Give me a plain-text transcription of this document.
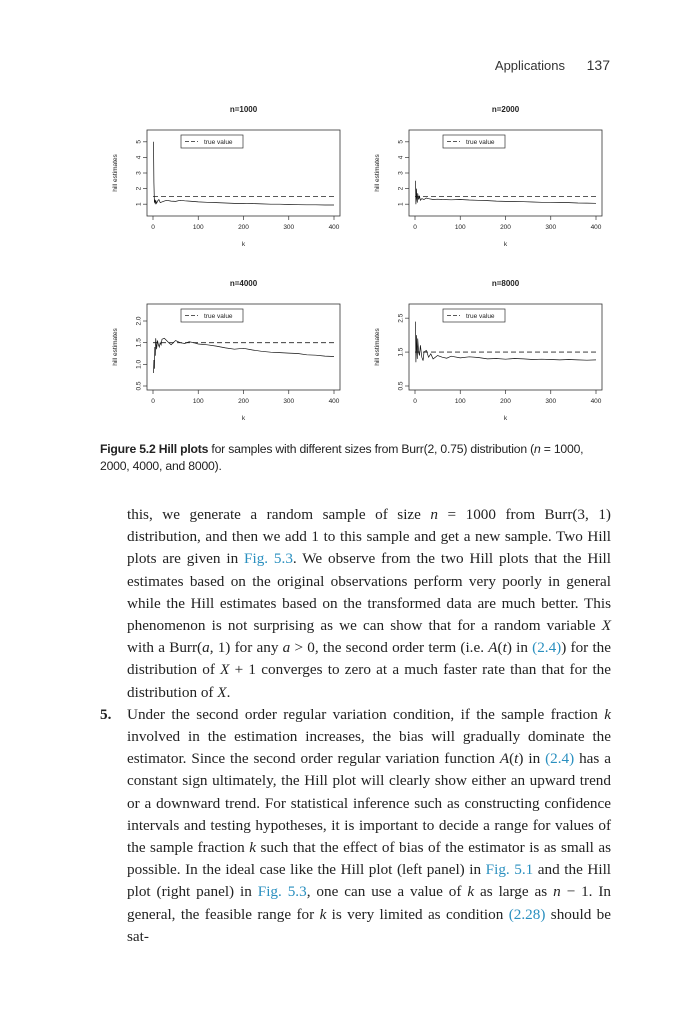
Applications 137
n=1000
0	100	200	300	400
1
2
3
4
5
k
hill estimates
true value
n=2000
0	100	200	300	400
1
2
3
4
5
k
hill estimates
true value
n=4000
0	100	200	300	400
0.5
1.0
1.5
2.0
k
hill estimates
true value
n=8000
0	100	200	300	400
0.5
1.5
2.5
k
hill estimates
true value
Figure 5.2 Hill plots for samples with different sizes from Burr(2, 0.75) distribution (n = 1000, 2000, 4000, and 8000).

this, we generate a random sample of size n = 1000 from Burr(3, 1) distribution, and then we add 1 to this sample and get a new sample. Two Hill plots are given in Fig. 5.3. We observe from the two Hill plots that the Hill estimates based on the original observations perform very poorly in general while the Hill estimates based on the transformed data are much better. This phenomenon is not surprising as we can show that for a random variable X with a Burr(a, 1) for any a > 0, the second order term (i.e. A(t) in (2.4)) for the distribution of X + 1 converges to zero at a much faster rate than that for the distribution of X.

5. Under the second order regular variation condition, if the sample fraction k involved in the estimation increases, the bias will gradually dominate the estimator. Since the second order regular variation function A(t) in (2.4) has a constant sign ultimately, the Hill plot will clearly show either an upward trend or a downward trend. For statistical inference such as constructing confidence intervals and testing hypotheses, it is important to decide a range for values of the sample fraction k such that the effect of bias of the estimator is as small as possible. In the ideal case like the Hill plot (left panel) in Fig. 5.1 and the Hill plot (right panel) in Fig. 5.3, one can use a value of k as large as n − 1. In general, the feasible range for k is very limited as condition (2.28) should be sat-
